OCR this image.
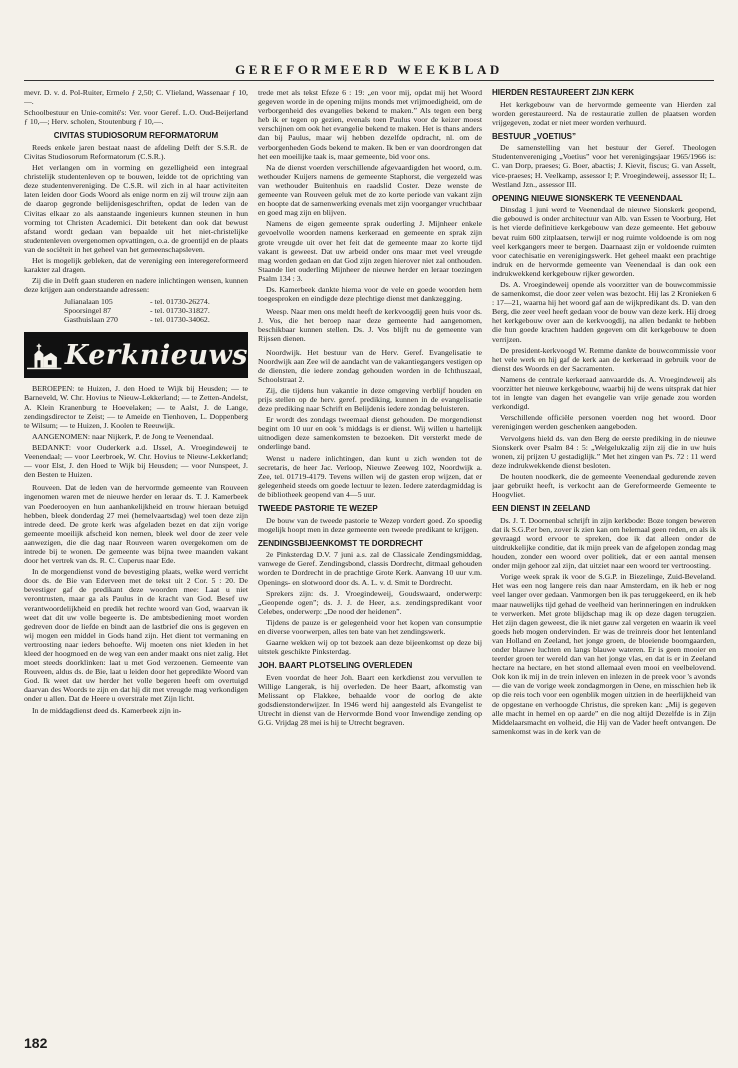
GEREFORMEERD WEEKBLAD

mevr. D. v. d. Pol-Ruiter, Ermelo ƒ 2,50; C. Vlieland, Wassenaar ƒ 10,—.

Schoolbestuur en Unie-comité's: Ver. voor Geref. L.O. Oud-Beijerland ƒ 10,—; Herv. scholen, Stoutenburg ƒ 10,—.

CIVITAS STUDIOSORUM REFORMATORUM

Reeds enkele jaren bestaat naast de afdeling Delft der S.S.R. de Civitas Studiosorum Reformatorum (C.S.R.).

Het verlangen om in vorming en gezelligheid een integraal christelijk studentenleven op te bouwen, leidde tot de oprichting van deze studentenvereniging. De C.S.R. wil zich in al haar activiteiten laten leiden door Gods Woord als enige norm en zij wil trouw zijn aan de daarop gegronde belijdenisgeschriften, opdat de leden van de Civitas elkaar zo als aanstaande ingenieurs kunnen steunen in hun vorming tot Christen Academici. Dit betekent dan ook dat bewust afstand wordt gedaan van bepaalde uit het niet-christelijke studentenleven overgenomen opvattingen, o.a. de groentijd en de plaats van de sociëteit in het geheel van het gemeenschapsleven.

Het is mogelijk gebleken, dat de vereniging een interegereformeerd karakter zal dragen.

Zij die in Delft gaan studeren en nadere inlichtingen wensen, kunnen deze krijgen aan onderstaande adressen:

Julianalaan 105	- tel. 01730-26274.
Spoorsingel 87	- tel. 01730-31827.
Gasthuislaan 270	- tel. 01730-34062.
Kerknieuws

BEROEPEN: te Huizen, J. den Hoed te Wijk bij Heusden; — te Barneveld, W. Chr. Hovius te Nieuw-Lekkerland; — te Zetten-Andelst, A. Klein Kranenburg te Hoevelaken; — te Aalst, J. de Lange, zendingsdirector te Zeist; — te Ameide en Tienhoven, L. Doppenberg te Wilsum; — te Huizen, J. Koolen te Reeuwijk.

AANGENOMEN: naar Nijkerk, P. de Jong te Veenendaal.

BEDANKT: voor Ouderkerk a.d. IJssel, A. Vroegindeweij te Veenendaal; — voor Leerbroek, W. Chr. Hovius te Nieuw-Lekkerland; — voor Elst, J. den Hoed te Wijk bij Heusden; — voor Nunspeet, J. den Besten te Huizen.

Rouveen. Dat de leden van de hervormde gemeente van Rouveen ingenomen waren met de nieuwe herder en leraar ds. T. J. Kamerbeek van Poederooyen en hun aanhankelijkheid en trouw hieraan betuigd hebben, bleek donderdag 27 mei (hemelvaartsdag) wel toen deze zijn intrede deed. De grote kerk was afgeladen bezet en dat zijn vorige gemeente moeilijk afscheid kon nemen, bleek wel door de zeer vele aanwezigen, die die dag naar Rouveen waren overgekomen om de intrede bij te wonen. De gemeente was bijna twee maanden vakant door het vertrek van ds. R. C. Cuperus naar Ede.

In de morgendienst vond de bevestiging plaats, welke werd verricht door ds. de Bie van Ederveen met de tekst uit 2 Cor. 5 : 20. De bevestiger gaf de predikant deze woorden mee: Laat u niet verontrusten, maar ga als Paulus in de kracht van God. Besef uw verantwoordelijkheid en predik het rechte woord van God, waarvan ik weet dat dit uw volle begeerte is. De ambtsbediening moet worden gedreven door de liefde en bindt aan de lastbrief die ons is gegeven en wij mogen een middel in Gods hand zijn. Het dient tot vermaning en vertroosting naar ieders behoefte. Wij moeten ons niet kleden in het kleed der hoogmoed en de weg van een ander maakt ons niet zalig. Het moet steeds doorklinken: laat u met God verzoenen. Gemeente van Rouveen, aldus ds. de Bie, laat u leiden door het gepredikte Woord van God. Ik weet dat uw herder het volle begeren heeft om overtuigd daarvan des Woords te zijn en dat hij dit met vreugde mag verkondigen onder u allen. Dat de Heere u overstrale met Zijn licht.

In de middagdienst deed ds. Kamerbeek zijn in-

trede met als tekst Efeze 6 : 19: „en voor mij, opdat mij het Woord gegeven worde in de opening mijns monds met vrijmoedigheid, om de verborgenheid des evangelies bekend te maken.” Als tegen een berg heb ik er tegen op gezien, evenals toen Paulus voor de keizer moest verschijnen om ook het evangelie bekend te maken. Het is thans anders dan bij Paulus, maar wij hebben dezelfde opdracht, nl. om de verborgenheden Gods bekend te maken. Ik ben er van doordrongen dat het een moeilijke taak is, maar gemeente, bid voor ons.

Na de dienst voerden verschillende afgevaardigden het woord, o.m. wethouder Kuijers namens de gemeente Staphorst, die vergezeld was van wethouder Buitenhuis en raadslid Coster. Deze wenste de gemeente van Rouveen geluk met de zo korte periode van vakant zijn en hoopte dat de samenwerking evenals met zijn voorganger vruchtbaar en goed mag zijn en blijven.

Namens de eigen gemeente sprak ouderling J. Mijnheer enkele gevoelvolle woorden namens kerkeraad en gemeente en sprak zijn grote vreugde uit over het feit dat de gemeente maar zo korte tijd vakant is geweest. Dat uw arbeid onder ons maar met veel vreugde mag worden gedaan en dat God zijn zegen hierover niet zal onthouden. Staande liet ouderling Mijnheer de nieuwe herder en leraar toezingen Psalm 134 : 3.

Ds. Kamerbeek dankte hierna voor de vele en goede woorden hem toegesproken en eindigde deze plechtige dienst met dankzegging.

Weesp. Naar men ons meldt heeft de kerkvoogdij geen huis voor ds. J. Vos, die het beroep naar deze gemeente had aangenomen, beschikbaar kunnen stellen. Ds. J. Vos blijft nu de gemeente van Rijssen dienen.

Noordwijk. Het bestuur van de Herv. Geref. Evangelisatie te Noordwijk aan Zee wil de aandacht van de vakantiegangers vestigen op de diensten, die iedere zondag gehouden worden in de Ichthuszaal, Schoolstraat 2.

Zij, die tijdens hun vakantie in deze omgeving verblijf houden en prijs stellen op de herv. geref. prediking, kunnen in de evangelisatie deze prediking naar Schrift en Belijdenis iedere zondag beluisteren.

Er wordt des zondags tweemaal dienst gehouden. De morgendienst begint om 10 uur en ook 's middags is er dienst. Wij willen u hartelijk uitnodigen deze samenkomsten te bezoeken. Dit versterkt mede de onderlinge band.

Wenst u nadere inlichtingen, dan kunt u zich wenden tot de secretaris, de heer Jac. Verloop, Nieuwe Zeeweg 102, Noordwijk a. Zee, tel. 01719-4179. Tevens willen wij de gasten erop wijzen, dat er gelegenheid steeds om goede lectuur te lezen. Iedere zaterdagmiddag is de bibliotheek geopend van 4—5 uur.

TWEEDE PASTORIE TE WEZEP

De bouw van de tweede pastorie te Wezep vordert goed. Zo spoedig mogelijk hoopt men in deze gemeente een tweede predikant te krijgen.

ZENDINGSBIJEENKOMST TE DORDRECHT

2e Pinksterdag D.V. 7 juni a.s. zal de Classicale Zendingsmiddag, vanwege de Geref. Zendingsbond, classis Dordrecht, ditmaal gehouden worden te Dordrecht in de prachtige Grote Kerk. Aanvang 10 uur v.m. Openings- en slotwoord door ds. A. L. v. d. Smit te Dordrecht.

Sprekers zijn: ds. J. Vroegindeweij, Goudswaard, onderwerp: „Geopende ogen”; ds. J. J. de Heer, a.s. zendingspredikant voor Celebes, onderwerp: „De nood der heidenen”.

Tijdens de pauze is er gelegenheid voor het kopen van consumptie en diverse voorwerpen, alles ten bate van het zendingswerk.

Gaarne wekken wij op tot bezoek aan deze bijeenkomst op deze bij uitstek geschikte Pinksterdag.

JOH. BAART PLOTSELING OVERLEDEN

Even voordat de heer Joh. Baart een kerkdienst zou vervullen te Willige Langerak, is hij overleden. De heer Baart, afkomstig van Melissant op Flakkee, behaalde voor de oorlog de akte godsdienstonderwijzer. In 1946 werd hij aangesteld als Evangelist te Utrecht in dienst van de Hervormde Bond voor Inwendige zending op G.G. Vrijdag 28 mei is hij te Utrecht begraven.

HIERDEN RESTAUREERT ZIJN KERK

Het kerkgebouw van de hervormde gemeente van Hierden zal worden gerestaureerd. Na de restauratie zullen de plaatsen worden vrijgegeven, zodat er niet meer worden verhuurd.

BESTUUR „VOETIUS”

De samenstelling van het bestuur der Geref. Theologen Studentenvereniging „Voetius” voor het verenigingsjaar 1965/1966 is: C. van Dorp, praeses; G. Boer, abactis; J. Kievit, fiscus; G. van Asselt, vice-praeses; H. Veelkamp, assessor I; P. Vroegindeweij, assessor II; L. Westland Jzn., assessor III.

OPENING NIEUWE SIONSKERK TE VEENENDAAL

Dinsdag 1 juni werd te Veenendaal de nieuwe Sionskerk geopend, die gebouwd is onder architectuur van Alb. van Essen te Voorburg. Het is het vierde definitieve kerkgebouw van deze gemeente. Het gebouw bevat ruim 600 zitplaatsen, terwijl er nog ruimte voldoende is om nog veel kerkgangers meer te bergen. Daarnaast zijn er voldoende ruimten voor catechisatie en verenigingswerk. Het geheel maakt een prachtige indruk en de hervormde gemeente van Veenendaal is dan ook een indrukwekkend kerkgebouw rijker geworden.

Ds. A. Vroegindeweij opende als voorzitter van de bouwcommissie de samenkomst, die door zeer velen was bezocht. Hij las 2 Kronieken 6 : 17—21, waarna hij het woord gaf aan de wijkpredikant ds. D. van den Berg, die zeer veel heeft gedaan voor de bouw van deze kerk. Hij droeg het kerkgebouw over aan de kerkvoogdij, na allen bedankt te hebben die hun goede krachten hadden gegeven om dit kerkgebouw te doen verrijzen.

De president-kerkvoogd W. Remme dankte de bouwcommissie voor het vele werk en hij gaf de kerk aan de kerkeraad in gebruik voor de dienst des Woords en der Sacramenten.

Namens de centrale kerkeraad aanvaardde ds. A. Vroegindeweij als voorzitter het nieuwe kerkgebouw, waarbij hij de wens uitsprak dat hier tot in lengte van dagen het evangelie van vrije genade zou worden verkondigd.

Verschillende officiële personen voerden nog het woord. Door verenigingen werden geschenken aangeboden.

Vervolgens hield ds. van den Berg de eerste prediking in de nieuwe Sionskerk over Psalm 84 : 5: „Welgelukzalig zijn zij die in uw huis wonen, zij prijzen U gestadiglijk.” Met het zingen van Ps. 72 : 11 werd deze indrukwekkende dienst besloten.

De houten noodkerk, die de gemeente Veenendaal gedurende zeven jaar gebruikt heeft, is verkocht aan de Gereformeerde Gemeente te Hoogvliet.

EEN DIENST IN ZEELAND

Ds. J. T. Doornenbal schrijft in zijn kerkbode: Boze tongen beweren dat ik S.G.P.er ben, zover ik zien kan om helemaal geen reden, en als ik gevraagd word ervoor te spreken, doe ik dat alleen onder de uitdrukkelijke conditie, dat ik mijn preek van de afgelopen zondag mag houden, zonder een woord over politiek, dat er een aantal mensen onder mijn gehoor zal zijn, dat uitziet naar een woord ter vertroosting.

Vorige week sprak ik voor de S.G.P. in Biezelinge, Zuid-Beveland. Het was een nog langere reis dan naar Amsterdam, en ik heb er nog veel langer over gedaan. Vanmorgen ben ik pas teruggekeerd, en ik heb maar nauwelijks tijd gehad de veelheid van herinneringen en indrukken te verwerken. Met grote blijdschap mag ik op deze dagen terugzien. Het zijn dagen geweest, die ik niet gauw zal vergeten en waarin ik veel goeds heb mogen ondervinden. Er was de treinreis door het lentenland van Holland en Zeeland, het jonge groen, de bloeiende boomgaarden, onder blauwe luchten en langs blauwe wateren. Er is geen mooier en teerder groen ter wereld dan van het jonge vlas, en dat is er in Zeeland hectare na hectare, en het stond allemaal even mooi en veelbelovend. Ook kon ik mij in de trein inleven en inlezen in de preek voor 's avonds — die van de vorige week zondagmorgen in Oene, en misschien heb ik op die reis toch voor een ogenblik mogen uitzien in de heerlijkheid van de opgestane en verhoogde Christus, die spreken kan: „Mij is gegeven alle macht in hemel en op aarde” en die nog altijd Dezelfde is in Zijn Middelaarsmacht en volheid, die Hij van de Vader heeft ontvangen. De samenkomst was in de kerk van de

182
